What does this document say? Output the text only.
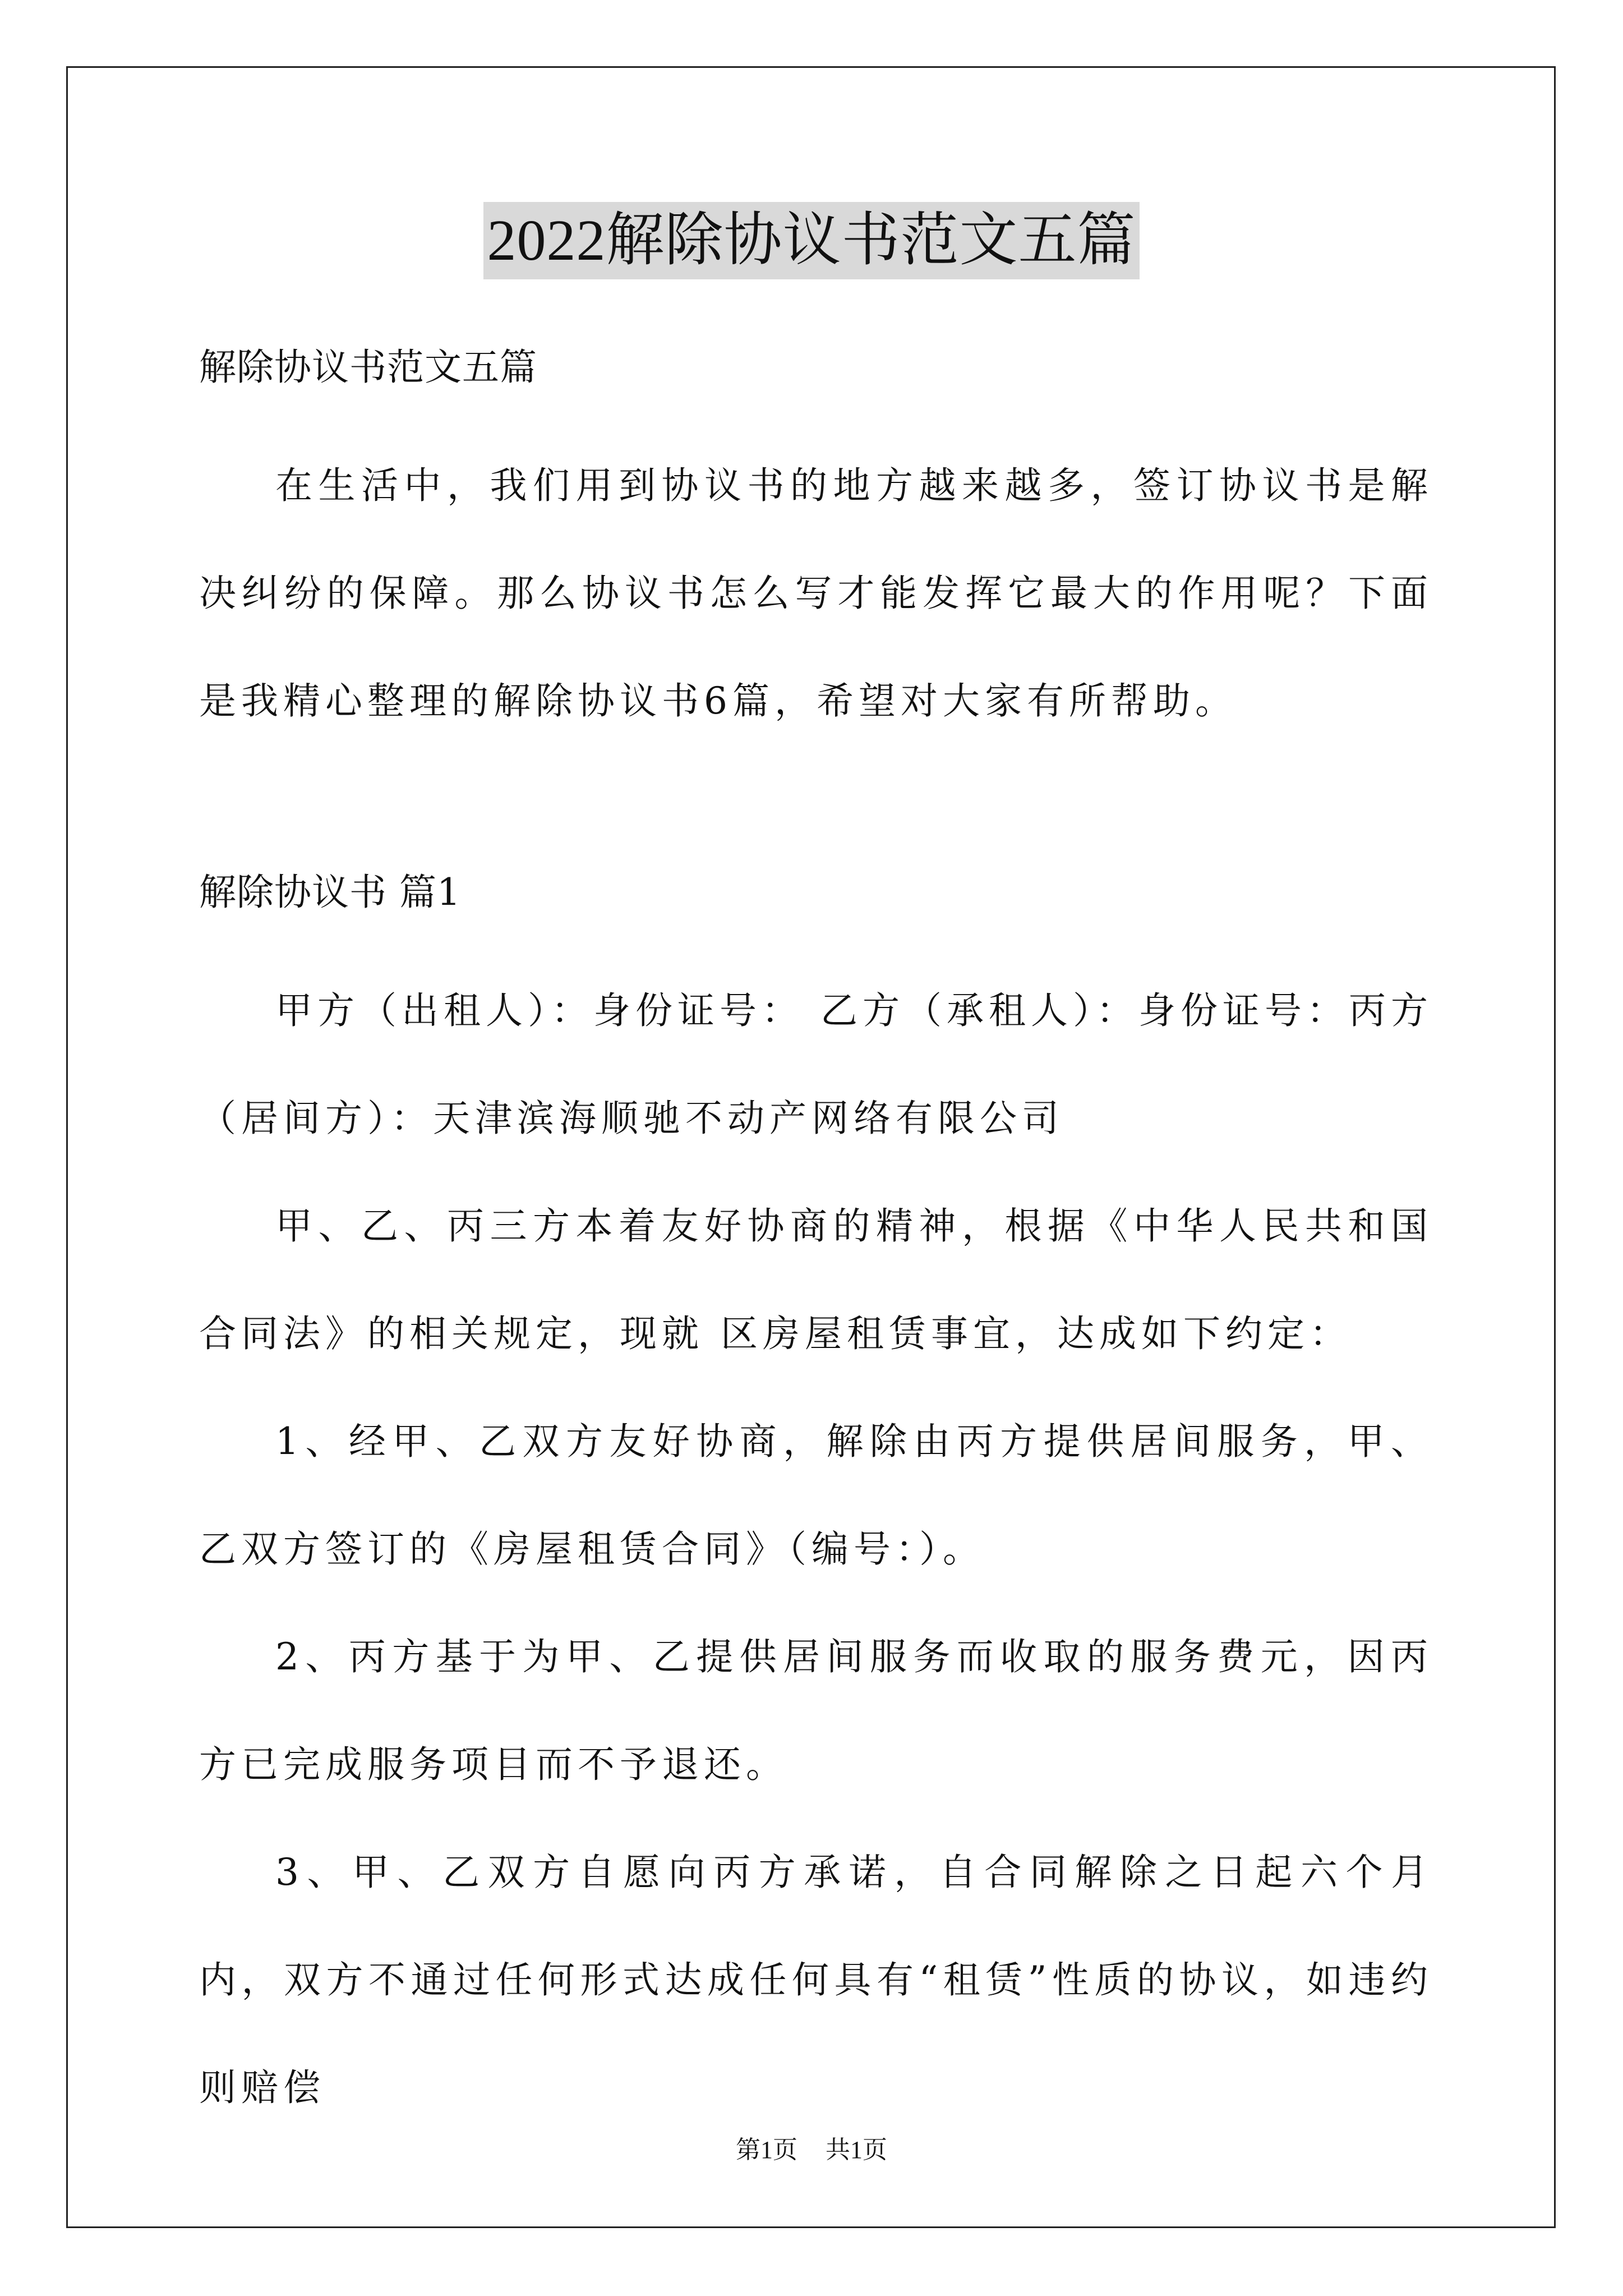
2022解除协议书范文五篇

解除协议书范文五篇

在生活中，我们用到协议书的地方越来越多，签订协议书是解决纠纷的保障。那么协议书怎么写才能发挥它最大的作用呢？下面是我精心整理的解除协议书6篇，希望对大家有所帮助。

解除协议书 篇1

甲方（出租人）：身份证号： 乙方（承租人）：身份证号：丙方（居间方）：天津滨海顺驰不动产网络有限公司

甲、乙、丙三方本着友好协商的精神，根据《中华人民共和国合同法》的相关规定，现就 区房屋租赁事宜，达成如下约定：

1、经甲、乙双方友好协商，解除由丙方提供居间服务，甲、乙双方签订的《房屋租赁合同》（编号：）。

2、丙方基于为甲、乙提供居间服务而收取的服务费元，因丙方已完成服务项目而不予退还。

3、甲、乙双方自愿向丙方承诺，自合同解除之日起六个月内，双方不通过任何形式达成任何具有“租赁”性质的协议，如违约则赔偿

第1页 共1页
